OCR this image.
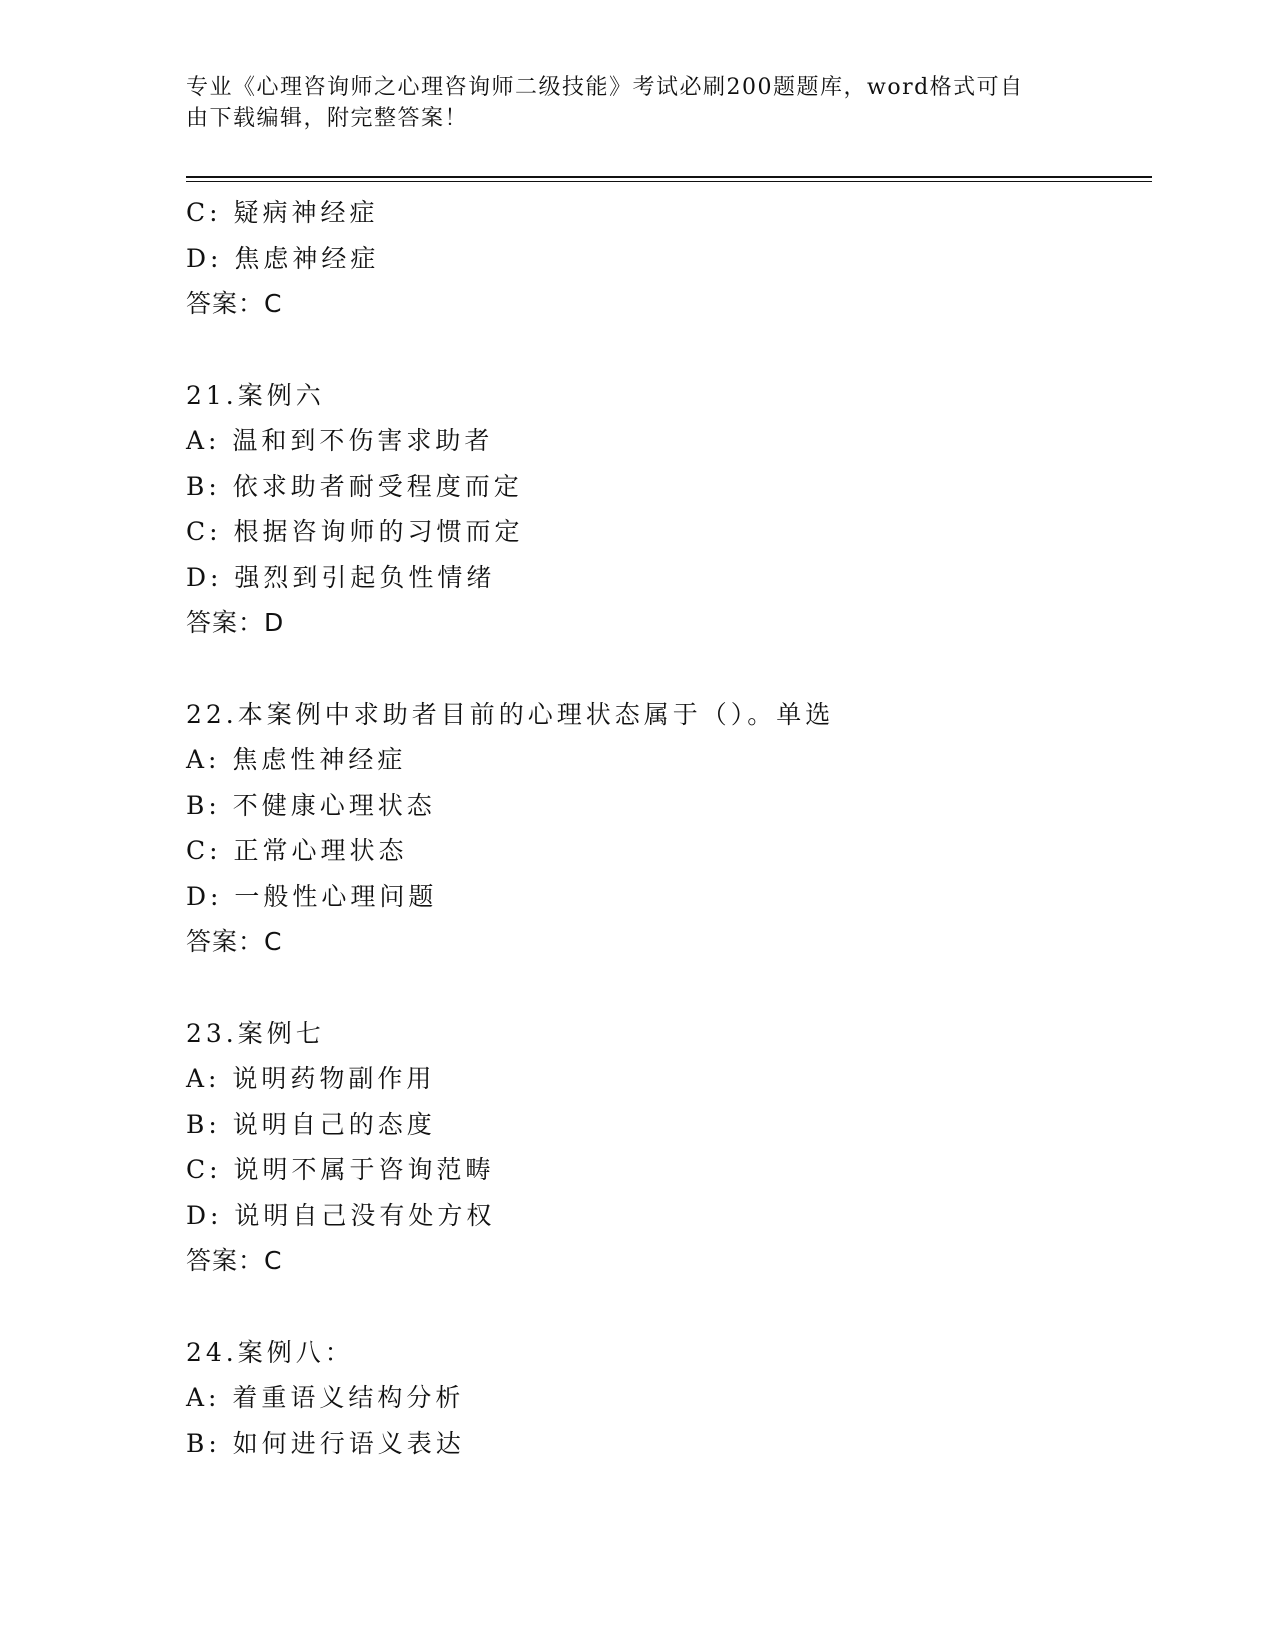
专业《心理咨询师之心理咨询师二级技能》考试必刷200题题库，word格式可自
由下载编辑，附完整答案！
C: 疑病神经症
D: 焦虑神经症
答案：C
21.案例六
A: 温和到不伤害求助者
B: 依求助者耐受程度而定
C: 根据咨询师的习惯而定
D: 强烈到引起负性情绪
答案：D
22.本案例中求助者目前的心理状态属于（）。单选
A: 焦虑性神经症
B: 不健康心理状态
C: 正常心理状态
D: 一般性心理问题
答案：C
23.案例七
A: 说明药物副作用
B: 说明自己的态度
C: 说明不属于咨询范畴
D: 说明自己没有处方权
答案：C
24.案例八：
A: 着重语义结构分析
B: 如何进行语义表达
